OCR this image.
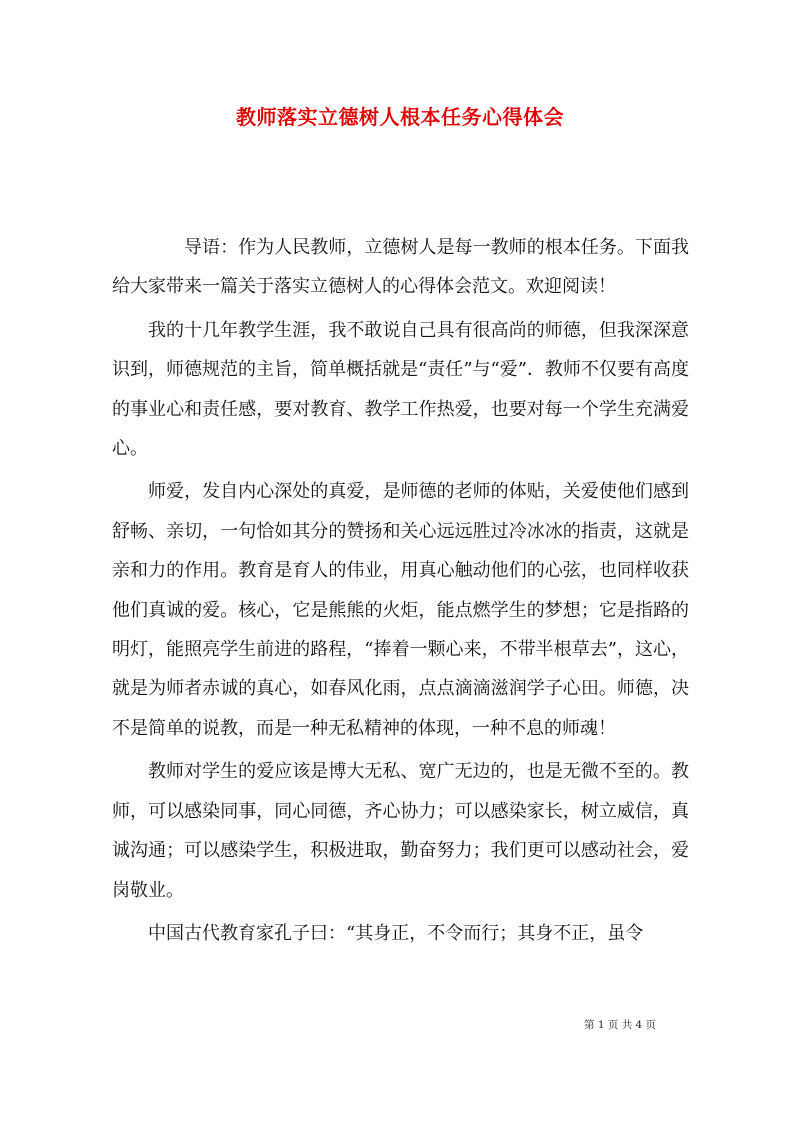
教师落实立德树人根本任务心得体会

导语：作为人民教师，立德树人是每一教师的根本任务。下面我给大家带来一篇关于落实立德树人的心得体会范文。欢迎阅读！

我的十几年教学生涯，我不敢说自己具有很高尚的师德，但我深深意识到，师德规范的主旨，简单概括就是“责任”与“爱”．教师不仅要有高度的事业心和责任感，要对教育、教学工作热爱，也要对每一个学生充满爱心。

师爱，发自内心深处的真爱，是师德的老师的体贴，关爱使他们感到舒畅、亲切，一句恰如其分的赞扬和关心远远胜过冷冰冰的指责，这就是亲和力的作用。教育是育人的伟业，用真心触动他们的心弦，也同样收获他们真诚的爱。核心，它是熊熊的火炬，能点燃学生的梦想；它是指路的明灯，能照亮学生前进的路程，“捧着一颗心来，不带半根草去”，这心，就是为师者赤诚的真心，如春风化雨，点点滴滴滋润学子心田。师德，决不是简单的说教，而是一种无私精神的体现，一种不息的师魂！

教师对学生的爱应该是博大无私、宽广无边的，也是无微不至的。教师，可以感染同事，同心同德，齐心协力；可以感染家长，树立威信，真诚沟通；可以感染学生，积极进取，勤奋努力；我们更可以感动社会，爱岗敬业。

中国古代教育家孔子曰：“其身正，不令而行；其身不正，虽令

第 1 页 共 4 页
